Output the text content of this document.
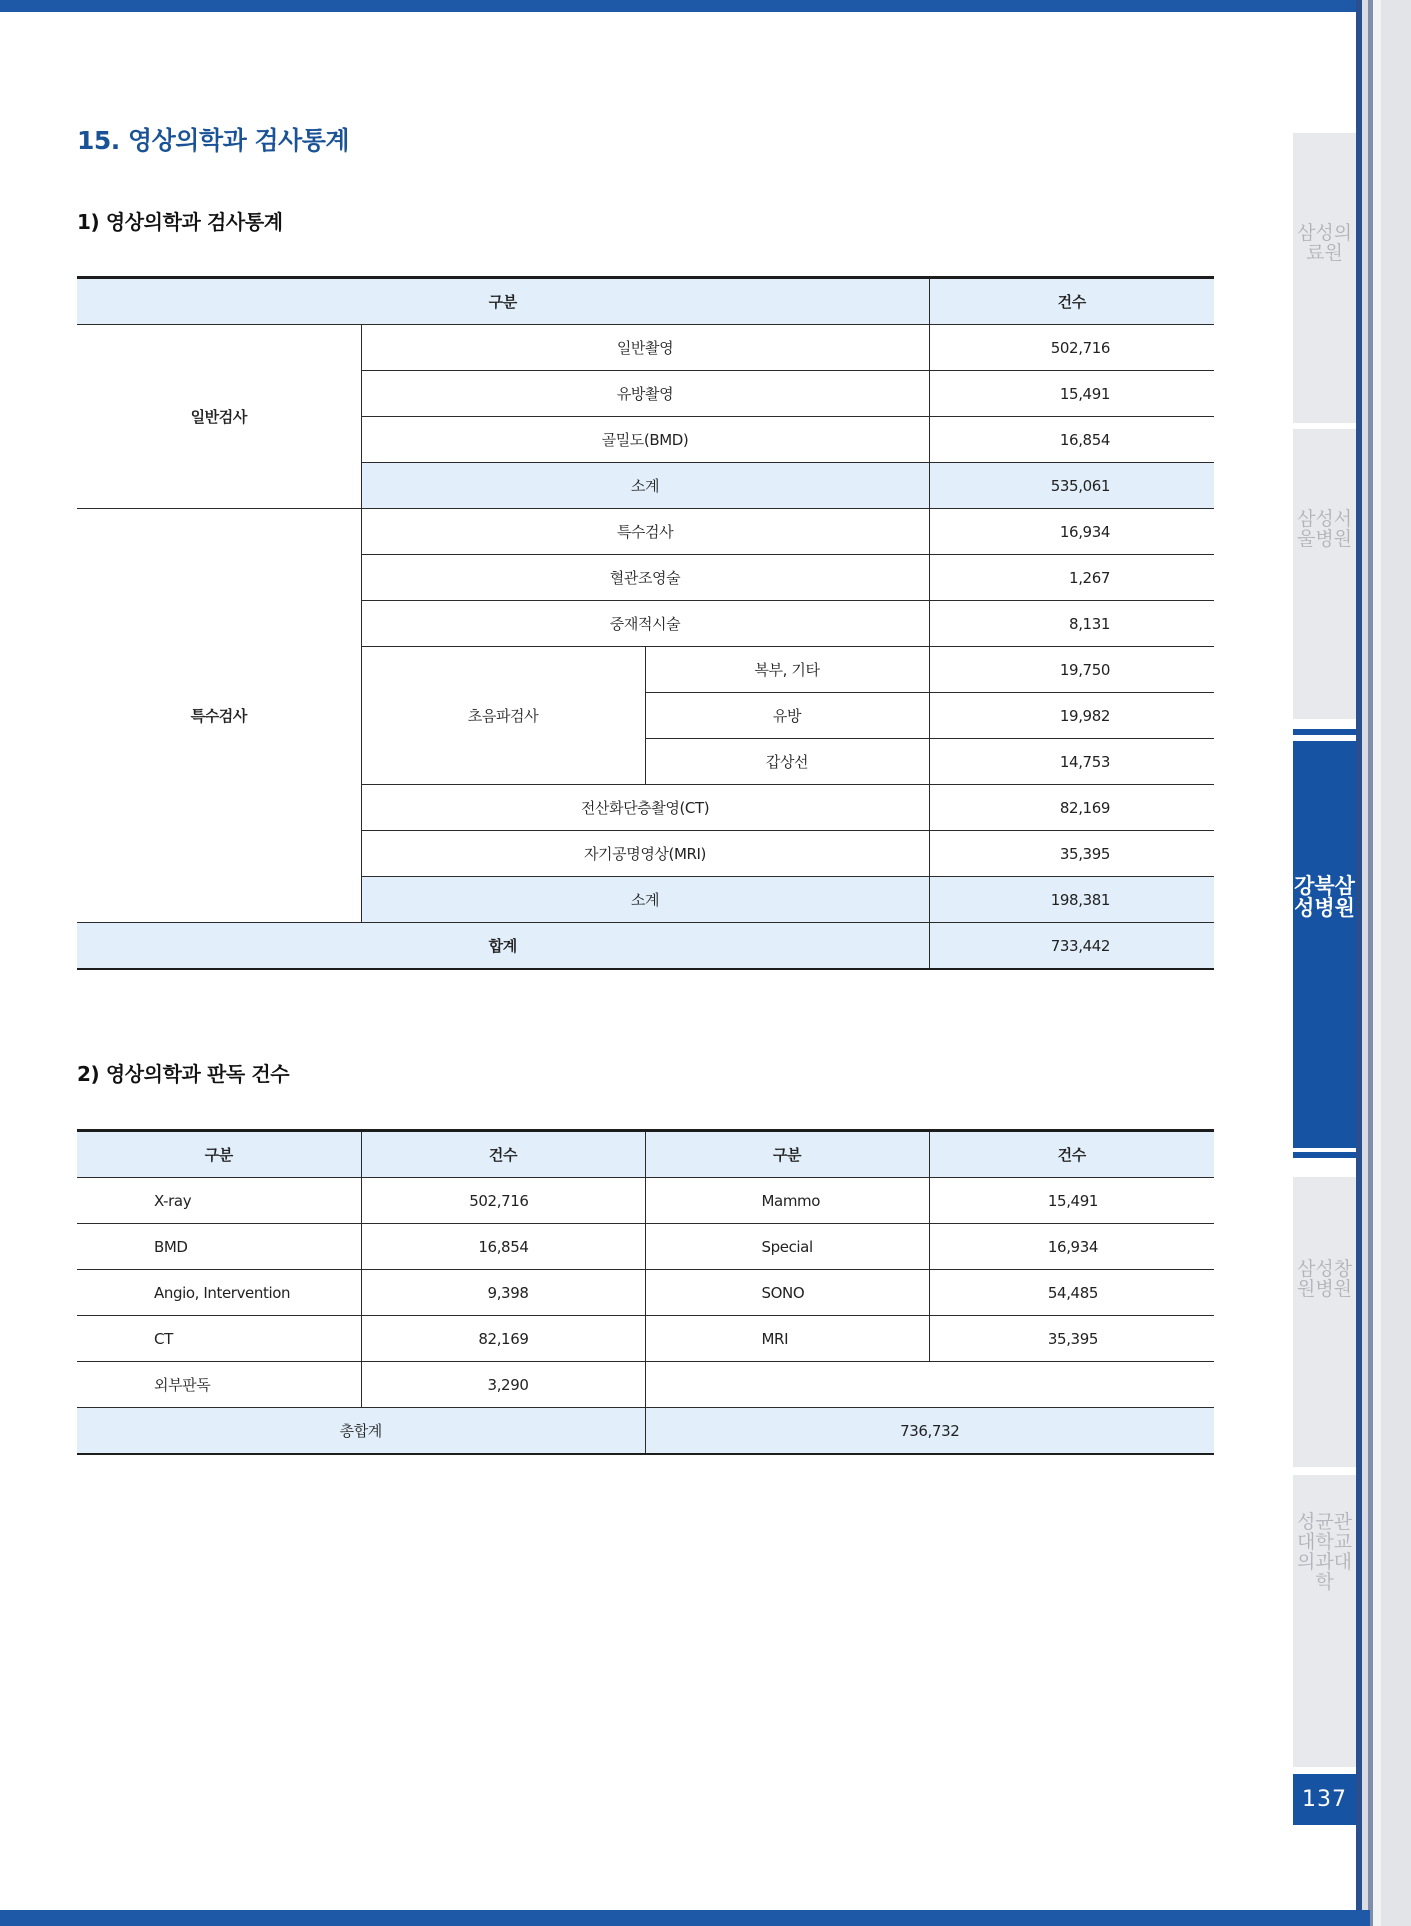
15. 영상의학과 검사통계
1) 영상의학과 검사통계
구분			건수
일반검사	일반촬영		502,716
	유방촬영		15,491
	골밀도(BMD)		16,854
	소계		535,061
특수검사	특수검사		16,934
	혈관조영술		1,267
	중재적시술		8,131
	초음파검사	복부, 기타	19,750
		유방	19,982
		갑상선	14,753
	전산화단층촬영(CT)		82,169
	자기공명영상(MRI)		35,395
	소계		198,381
합계			733,442
2) 영상의학과 판독 건수
구분	건수	구분	건수
X-ray	502,716	Mammo	15,491
BMD	16,854	Special	16,934
Angio, Intervention	9,398	SONO	54,485
CT	82,169	MRI	35,395
외부판독	3,290		
총합계		736,732	
삼성의료원
삼성서울병원
강북삼성병원
삼성창원병원
성균관대학교 의과대학
137
